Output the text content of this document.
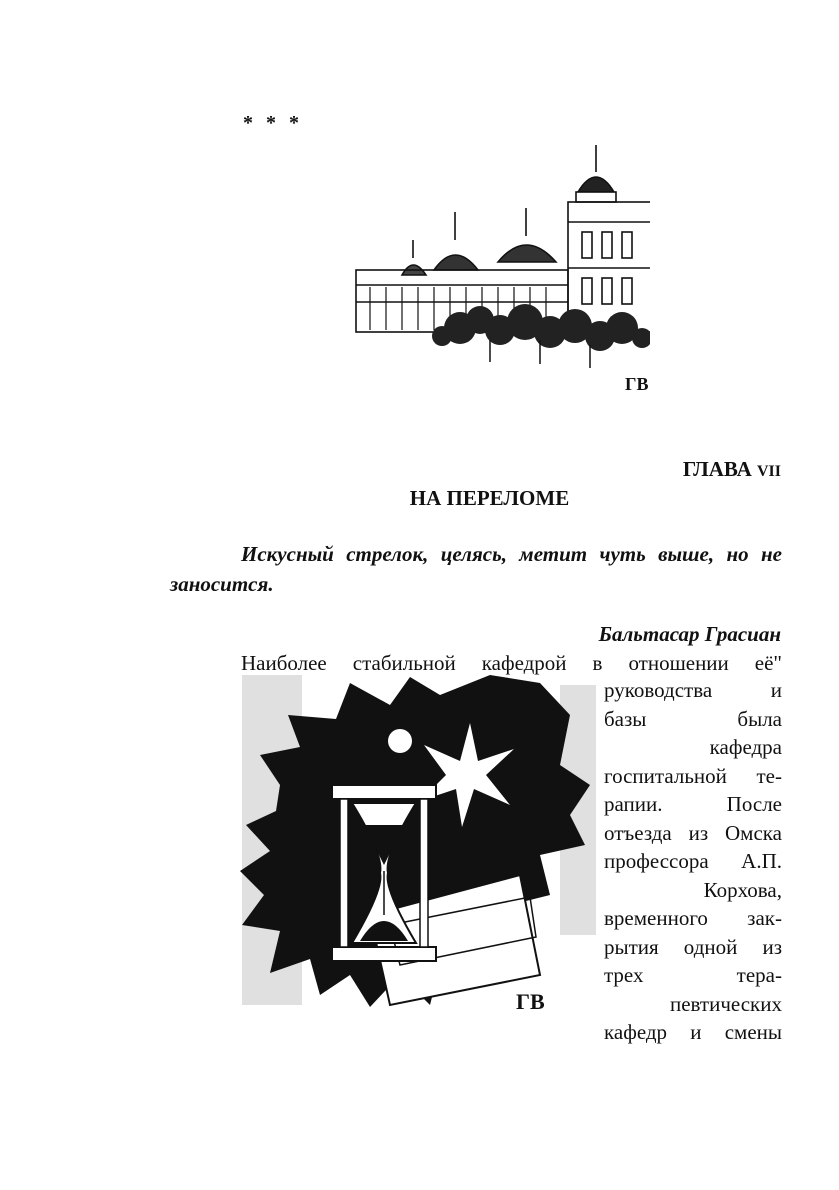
* * *
ГВ
ГЛАВА VII
НА ПЕРЕЛОМЕ
Искусный стрелок, целясь, метит чуть выше, но не заносится.
Бальтасар Грасиан
Наиболее стабильной кафедрой в отношении её"
ГВ
руководства и
базы была
кафедра
госпитальной те-
рапии. После
отъезда из Омска
профессора А.П.
Корхова,
временного зак-
рытия одной из
трех тера-
певтических
кафедр и смены
